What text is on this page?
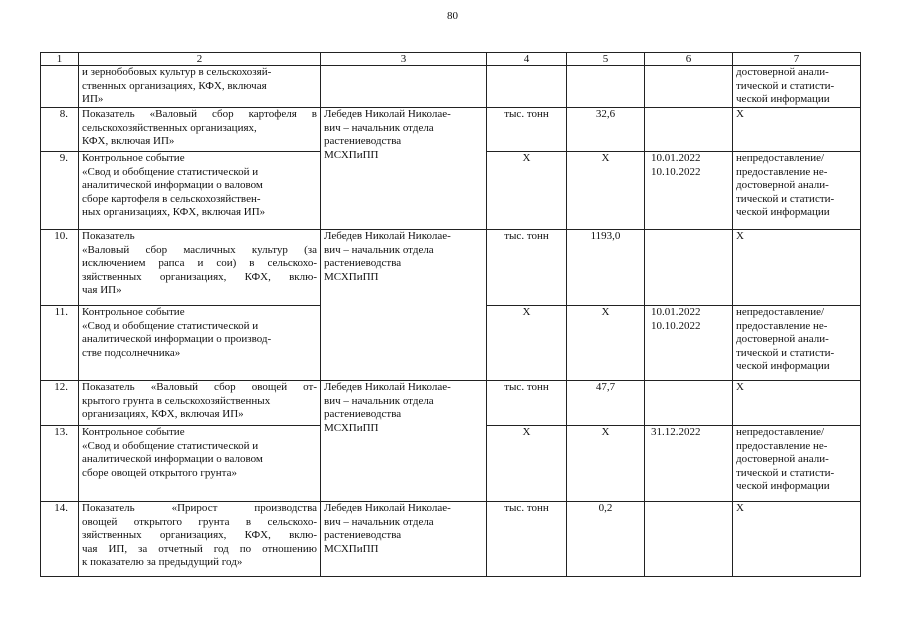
80
1	2	3	4	5	6	7

	и зернобобовых культур в сельскохозяй-
ственных организациях, КФХ, включая
ИП»					достоверной анали-
тической и статисти-
ческой информации

8.	Показатель «Валовый сбор картофеля в
сельскохозяйственных организациях,
КФХ, включая ИП»	Лебедев Николай Николае-
вич – начальник отдела
растениеводства
МСХПиПП	тыс. тонн	32,6		Х

9.	Контрольное событие
«Свод и обобщение статистической и
аналитической информации о валовом
сборе картофеля в сельскохозяйствен-
ных организациях, КФХ, включая ИП»		Х	Х	10.01.2022
10.10.2022	непредоставление/
предоставление не-
достоверной анали-
тической и статисти-
ческой информации

10.	Показатель
«Валовый сбор масличных культур (за
исключением рапса и сои) в сельскохо-
зяйственных организациях, КФХ, вклю-
чая ИП»	Лебедев Николай Николае-
вич – начальник отдела
растениеводства
МСХПиПП	тыс. тонн	1193,0		Х

11.	Контрольное событие
«Свод и обобщение статистической и
аналитической информации о производ-
стве подсолнечника»		Х	Х	10.01.2022
10.10.2022	непредоставление/
предоставление не-
достоверной анали-
тической и статисти-
ческой информации

12.	Показатель «Валовый сбор овощей от-
крытого грунта в сельскохозяйственных
организациях, КФХ, включая ИП»	Лебедев Николай Николае-
вич – начальник отдела
растениеводства
МСХПиПП	тыс. тонн	47,7		Х

13.	Контрольное событие
«Свод и обобщение статистической и
аналитической информации о валовом
сборе овощей открытого грунта»		Х	Х	31.12.2022	непредоставление/
предоставление не-
достоверной анали-
тической и статисти-
ческой информации

14.	Показатель «Прирост производства
овощей открытого грунта в сельскохо-
зяйственных организациях, КФХ, вклю-
чая ИП, за отчетный год по отношению
к показателю за предыдущий год»	Лебедев Николай Николае-
вич – начальник отдела
растениеводства
МСХПиПП	тыс. тонн	0,2		Х
